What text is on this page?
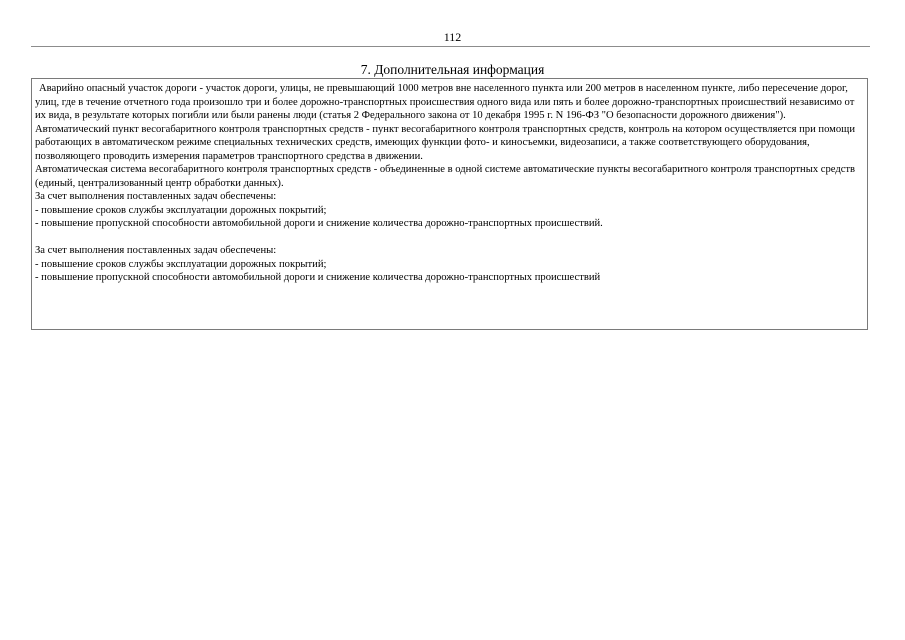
112
7. Дополнительная информация

Аварийно опасный участок дороги - участок дороги, улицы, не превышающий 1000 метров вне населенного пункта или 200 метров в населенном пункте, либо пересечение дорог, улиц, где в течение отчетного года произошло три и более дорожно-транспортных происшествия одного вида или пять и более дорожно-транспортных происшествий независимо от их вида, в результате которых погибли или были ранены люди (статья 2 Федерального закона от 10 декабря 1995 г. N 196-ФЗ "О безопасности дорожного движения").

Автоматический пункт весогабаритного контроля транспортных средств - пункт весогабаритного контроля транспортных средств, контроль на котором осуществляется при помощи работающих в автоматическом режиме специальных технических средств, имеющих функции фото- и киносъемки, видеозаписи, а также соответствующего оборудования, позволяющего проводить измерения параметров транспортного средства в движении.

Автоматическая система весогабаритного контроля транспортных средств - объединенные в одной системе автоматические пункты весогабаритного контроля транспортных средств (единый, централизованный центр обработки данных).

За счет выполнения поставленных задач обеспечены:

- повышение сроков службы эксплуатации дорожных покрытий;

- повышение пропускной способности автомобильной дороги и снижение количества дорожно-транспортных происшествий.

За счет выполнения поставленных задач обеспечены:

- повышение сроков службы эксплуатации дорожных покрытий;

- повышение пропускной способности автомобильной дороги и снижение количества дорожно-транспортных происшествий
